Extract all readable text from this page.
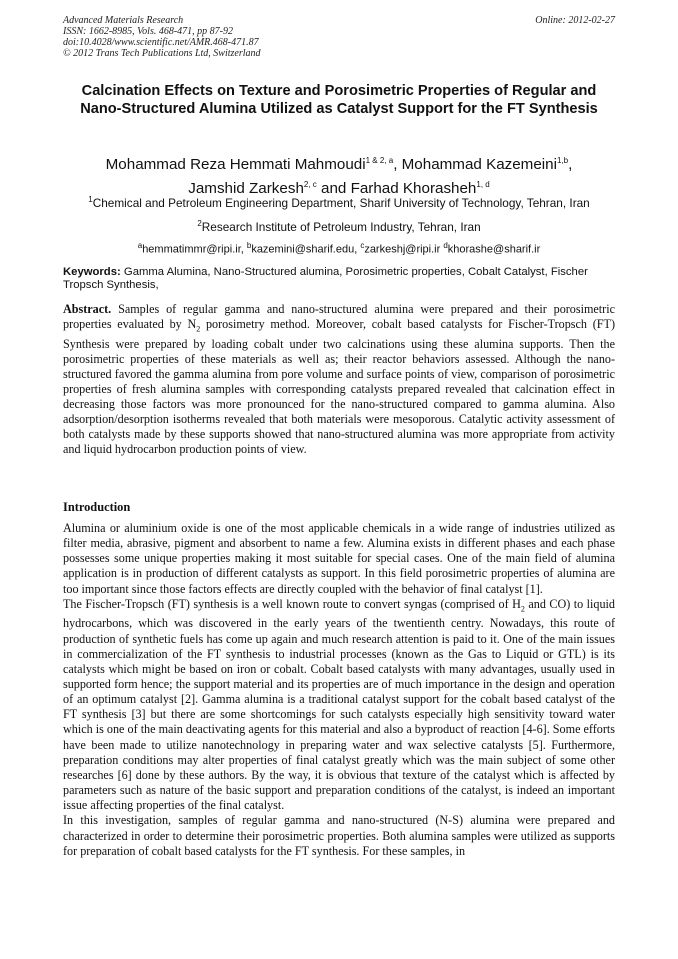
Advanced Materials Research
ISSN: 1662-8985, Vols. 468-471, pp 87-92
doi:10.4028/www.scientific.net/AMR.468-471.87
© 2012 Trans Tech Publications Ltd, Switzerland
Online: 2012-02-27
Calcination Effects on Texture and Porosimetric Properties of Regular and Nano-Structured Alumina Utilized as Catalyst Support for the FT Synthesis
Mohammad Reza Hemmati Mahmoudi$^{1 \& 2, a}$, Mohammad Kazemeini$^{1,b}$,
Jamshid Zarkesh$^{2, c}$ and Farhad Khorasheh$^{1, d}$
$^1$Chemical and Petroleum Engineering Department, Sharif University of Technology, Tehran, Iran
$^2$Research Institute of Petroleum Industry, Tehran, Iran
$^a$hemmatimmr@ripi.ir, $^b$kazemini@sharif.edu, $^c$zarkeshj@ripi.ir $^d$khorashe@sharif.ir
Keywords: Gamma Alumina, Nano-Structured alumina, Porosimetric properties, Cobalt Catalyst, Fischer Tropsch Synthesis,
Abstract. Samples of regular gamma and nano-structured alumina were prepared and their porosimetric properties evaluated by $N_2$ porosimetry method. Moreover, cobalt based catalysts for Fischer-Tropsch (FT) Synthesis were prepared by loading cobalt under two calcinations using these alumina supports. Then the porosimetric properties of these materials as well as; their reactor behaviors assessed. Although the nano-structured favored the gamma alumina from pore volume and surface points of view, comparison of porosimetric properties of fresh alumina samples with corresponding catalysts prepared revealed that calcination effect in decreasing those factors was more pronounced for the nano-structured compared to gamma alumina. Also adsorption/desorption isotherms revealed that both materials were mesoporous. Catalytic activity assessment of both catalysts made by these supports showed that nano-structured alumina was more appropriate from activity and liquid hydrocarbon production points of view.
Introduction

Alumina or aluminium oxide is one of the most applicable chemicals in a wide range of industries utilized as filter media, abrasive, pigment and absorbent to name a few. Alumina exists in different phases and each phase possesses some unique properties making it most suitable for special cases. One of the main field of alumina application is in production of different catalysts as support. In this field porosimetric properties of alumina are too important since those factors effects are directly coupled with the behavior of final catalyst [1].

The Fischer-Tropsch (FT) synthesis is a well known route to convert syngas (comprised of $H_2$ and CO) to liquid hydrocarbons, which was discovered in the early years of the twentienth centry. Nowadays, this route of production of synthetic fuels has come up again and much research attention is paid to it. One of the main issues in commercialization of the FT synthesis to industrial processes (known as the Gas to Liquid or GTL) is its catalysts which might be based on iron or cobalt. Cobalt based catalysts with many advantages, usually used in supported form hence; the support material and its properties are of much importance in the design and operation of an optimum catalyst [2]. Gamma alumina is a traditional catalyst support for the cobalt based catalyst of the FT synthesis [3] but there are some shortcomings for such catalysts especially high sensitivity toward water which is one of the main deactivating agents for this material and also a byproduct of reaction [4-6]. Some efforts have been made to utilize nanotechnology in preparing water and wax selective catalysts [5]. Furthermore, preparation conditions may alter properties of final catalyst greatly which was the main subject of some other researches [6] done by these authors. By the way, it is obvious that texture of the catalyst which is affected by parameters such as nature of the basic support and preparation conditions of the catalyst, is indeed an important issue affecting properties of the final catalyst.

In this investigation, samples of regular gamma and nano-structured (N-S) alumina were prepared and characterized in order to determine their porosimetric properties. Both alumina samples were utilized as supports for preparation of cobalt based catalysts for the FT synthesis. For these samples, in
